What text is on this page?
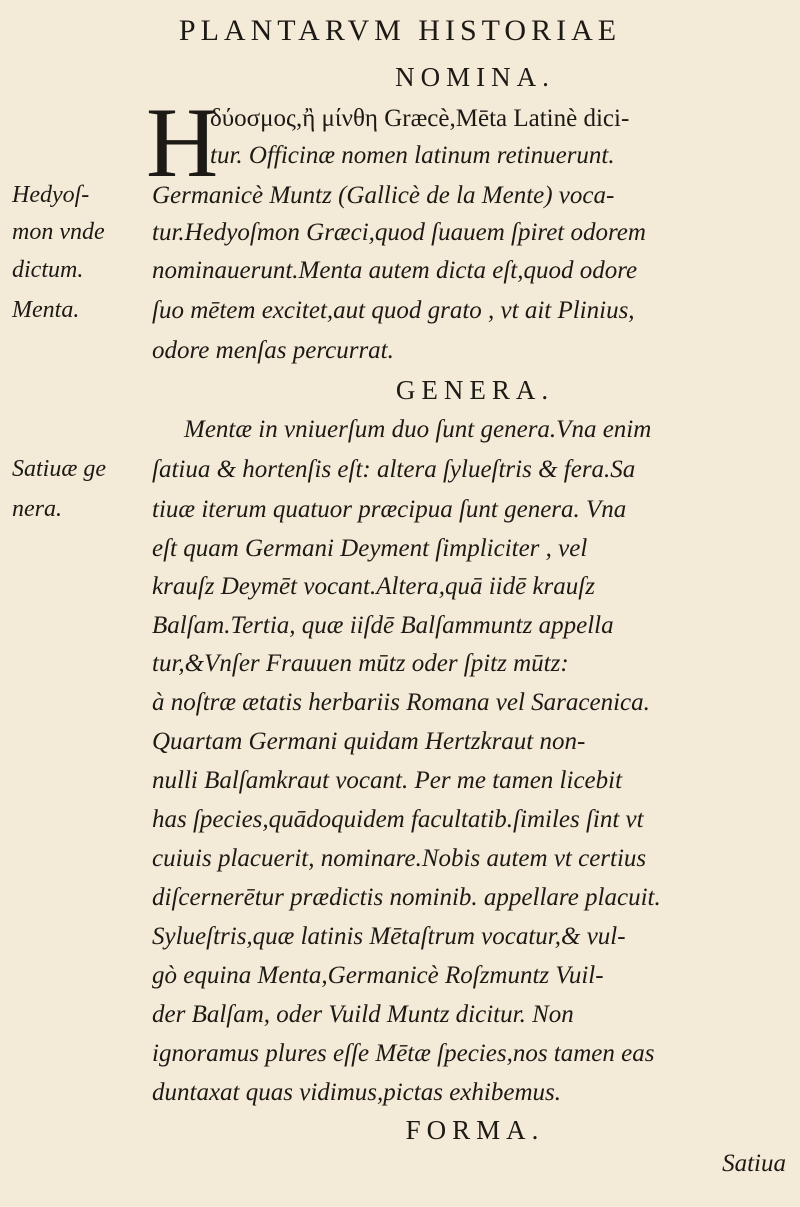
PLANTARVM HISTORIAE
NOMINA.
H
δύοσμος,ἢ μίνθη Græcè,Mēta Latinè dici-
tur. Officinæ nomen latinum retinuerunt.
Germanicè Muntz (Gallicè de la Mente) voca-
tur.Hedyoſmon Græci,quod ſuauem ſpiret odorem
nominauerunt.Menta autem dicta eſt,quod odore
ſuo mētem excitet,aut quod grato , vt ait Plinius,
odore menſas percurrat.
Hedyoſ-
mon vnde
dictum.
Menta.
GENERA.
Mentæ in vniuerſum duo ſunt genera.Vna enim
ſatiua & hortenſis eſt: altera ſylueſtris & fera.Sa
tiuæ iterum quatuor præcipua ſunt genera. Vna
eſt quam Germani Deyment ſimpliciter , vel
krauſz Deymēt vocant.Altera,quā iidē krauſz
Balſam.Tertia, quæ iiſdē Balſammuntz appella
tur,&Vnſer Frauuen mūtz oder ſpitz mūtz:
à noſtræ ætatis herbariis Romana vel Saracenica.
Quartam Germani quidam Hertzkraut non-
nulli Balſamkraut vocant. Per me tamen licebit
has ſpecies,quādoquidem facultatib.ſimiles ſint vt
cuiuis placuerit, nominare.Nobis autem vt certius
diſcernerētur prædictis nominib. appellare placuit.
Sylueſtris,quæ latinis Mētaſtrum vocatur,& vul-
gò equina Menta,Germanicè Roſzmuntz Vuil-
der Balſam, oder Vuild Muntz dicitur. Non
ignoramus plures eſſe Mētæ ſpecies,nos tamen eas
duntaxat quas vidimus,pictas exhibemus.
Satiuæ ge
nera.
FORMA.
Satiua
